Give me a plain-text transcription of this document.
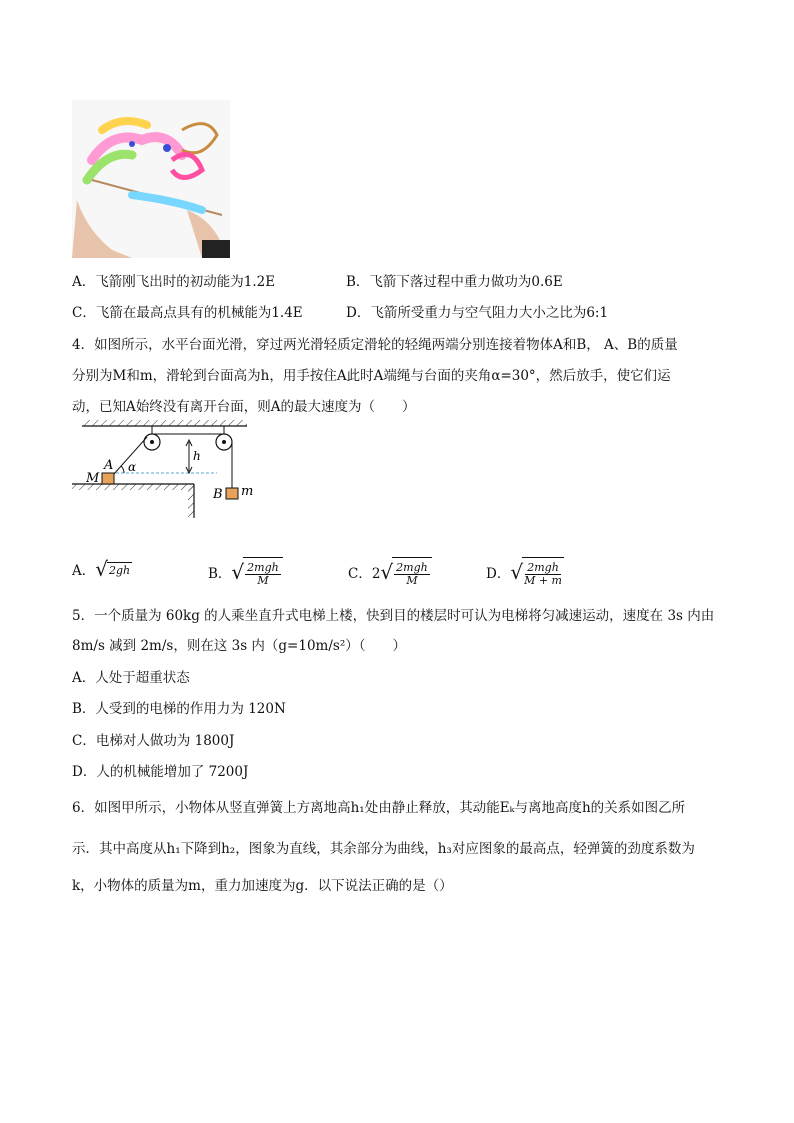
A．飞箭刚飞出时的初动能为1.2E	B．飞箭下落过程中重力做功为0.6E
C．飞箭在最高点具有的机械能为1.4E	D．飞箭所受重力与空气阻力大小之比为6:1
4．如图所示，水平台面光滑，穿过两光滑轻质定滑轮的轻绳两端分别连接着物体A和B， A、B的质量
分别为M和m，滑轮到台面高为h，用手按住A此时A端绳与台面的夹角α=30°，然后放手，使它们运
动，已知A始终没有离开台面，则A的最大速度为（　　）
M
A α
h
B m
A． √ 2gh	B． √ $\frac{\text{2mgh}}{M}$	C．2 √ $\frac{\text{2mgh}}{M}$	D． √ $\frac{\text{2mgh}}{M + m}$
5．一个质量为 60kg 的人乘坐直升式电梯上楼，快到目的楼层时可认为电梯将匀减速运动，速度在 3s 内由
8m/s 减到 2m/s，则在这 3s 内（g=10m/s²）（　　）
A．人处于超重状态
B．人受到的电梯的作用力为 120N
C．电梯对人做功为 1800J
D．人的机械能增加了 7200J
6．如图甲所示，小物体从竖直弹簧上方离地高h₁处由静止释放，其动能Eₖ与离地高度h的关系如图乙所
示．其中高度从h₁下降到h₂，图象为直线，其余部分为曲线，h₃对应图象的最高点，轻弹簧的劲度系数为
k，小物体的质量为m，重力加速度为g．以下说法正确的是（）
